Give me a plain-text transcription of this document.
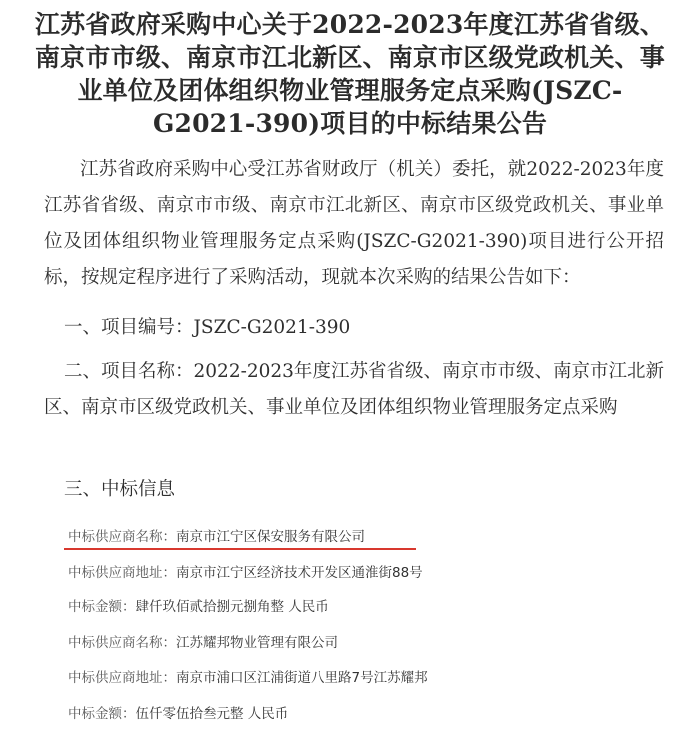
江苏省政府采购中心关于2022-2023年度江苏省省级、南京市市级、南京市江北新区、南京市区级党政机关、事业单位及团体组织物业管理服务定点采购(JSZC-G2021-390)项目的中标结果公告

江苏省政府采购中心受江苏省财政厅（机关）委托，就2022-2023年度江苏省省级、南京市市级、南京市江北新区、南京市区级党政机关、事业单位及团体组织物业管理服务定点采购(JSZC-G2021-390)项目进行公开招标，按规定程序进行了采购活动，现就本次采购的结果公告如下：

一、项目编号：JSZC-G2021-390

二、项目名称：2022-2023年度江苏省省级、南京市市级、南京市江北新区、南京市区级党政机关、事业单位及团体组织物业管理服务定点采购

三、中标信息

中标供应商名称：南京市江宁区保安服务有限公司
中标供应商地址：南京市江宁区经济技术开发区通淮街88号
中标金额：肆仟玖佰贰拾捌元捌角整 人民币
中标供应商名称：江苏耀邦物业管理有限公司
中标供应商地址：南京市浦口区江浦街道八里路7号江苏耀邦
中标金额：伍仟零伍拾叁元整 人民币
